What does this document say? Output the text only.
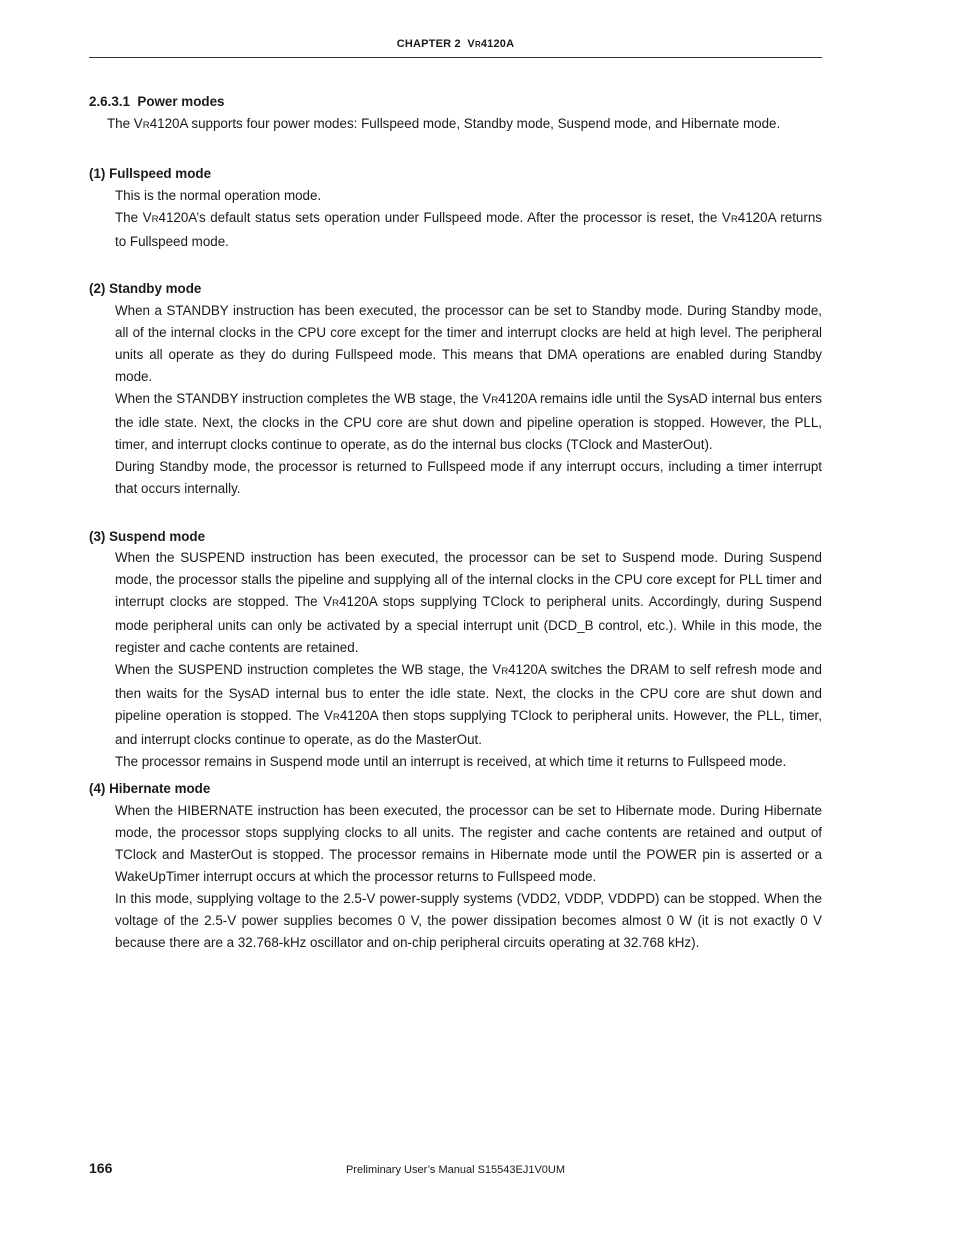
CHAPTER 2 VR4120A

2.6.3.1 Power modes

The VR4120A supports four power modes: Fullspeed mode, Standby mode, Suspend mode, and Hibernate mode.

(1) Fullspeed mode

This is the normal operation mode.

The VR4120A’s default status sets operation under Fullspeed mode. After the processor is reset, the VR4120A returns to Fullspeed mode.

(2) Standby mode

When a STANDBY instruction has been executed, the processor can be set to Standby mode. During Standby mode, all of the internal clocks in the CPU core except for the timer and interrupt clocks are held at high level. The peripheral units all operate as they do during Fullspeed mode. This means that DMA operations are enabled during Standby mode.

When the STANDBY instruction completes the WB stage, the VR4120A remains idle until the SysAD internal bus enters the idle state. Next, the clocks in the CPU core are shut down and pipeline operation is stopped. However, the PLL, timer, and interrupt clocks continue to operate, as do the internal bus clocks (TClock and MasterOut).

During Standby mode, the processor is returned to Fullspeed mode if any interrupt occurs, including a timer interrupt that occurs internally.

(3) Suspend mode

When the SUSPEND instruction has been executed, the processor can be set to Suspend mode. During Suspend mode, the processor stalls the pipeline and supplying all of the internal clocks in the CPU core except for PLL timer and interrupt clocks are stopped. The VR4120A stops supplying TClock to peripheral units. Accordingly, during Suspend mode peripheral units can only be activated by a special interrupt unit (DCD_B control, etc.). While in this mode, the register and cache contents are retained.

When the SUSPEND instruction completes the WB stage, the VR4120A switches the DRAM to self refresh mode and then waits for the SysAD internal bus to enter the idle state. Next, the clocks in the CPU core are shut down and pipeline operation is stopped. The VR4120A then stops supplying TClock to peripheral units. However, the PLL, timer, and interrupt clocks continue to operate, as do the MasterOut.

The processor remains in Suspend mode until an interrupt is received, at which time it returns to Fullspeed mode.

(4) Hibernate mode

When the HIBERNATE instruction has been executed, the processor can be set to Hibernate mode. During Hibernate mode, the processor stops supplying clocks to all units. The register and cache contents are retained and output of TClock and MasterOut is stopped. The processor remains in Hibernate mode until the POWER pin is asserted or a WakeUpTimer interrupt occurs at which the processor returns to Fullspeed mode.

In this mode, supplying voltage to the 2.5-V power-supply systems (VDD2, VDDP, VDDPD) can be stopped. When the voltage of the 2.5-V power supplies becomes 0 V, the power dissipation becomes almost 0 W (it is not exactly 0 V because there are a 32.768-kHz oscillator and on-chip peripheral circuits operating at 32.768 kHz).

166	Preliminary User’s Manual S15543EJ1V0UM
